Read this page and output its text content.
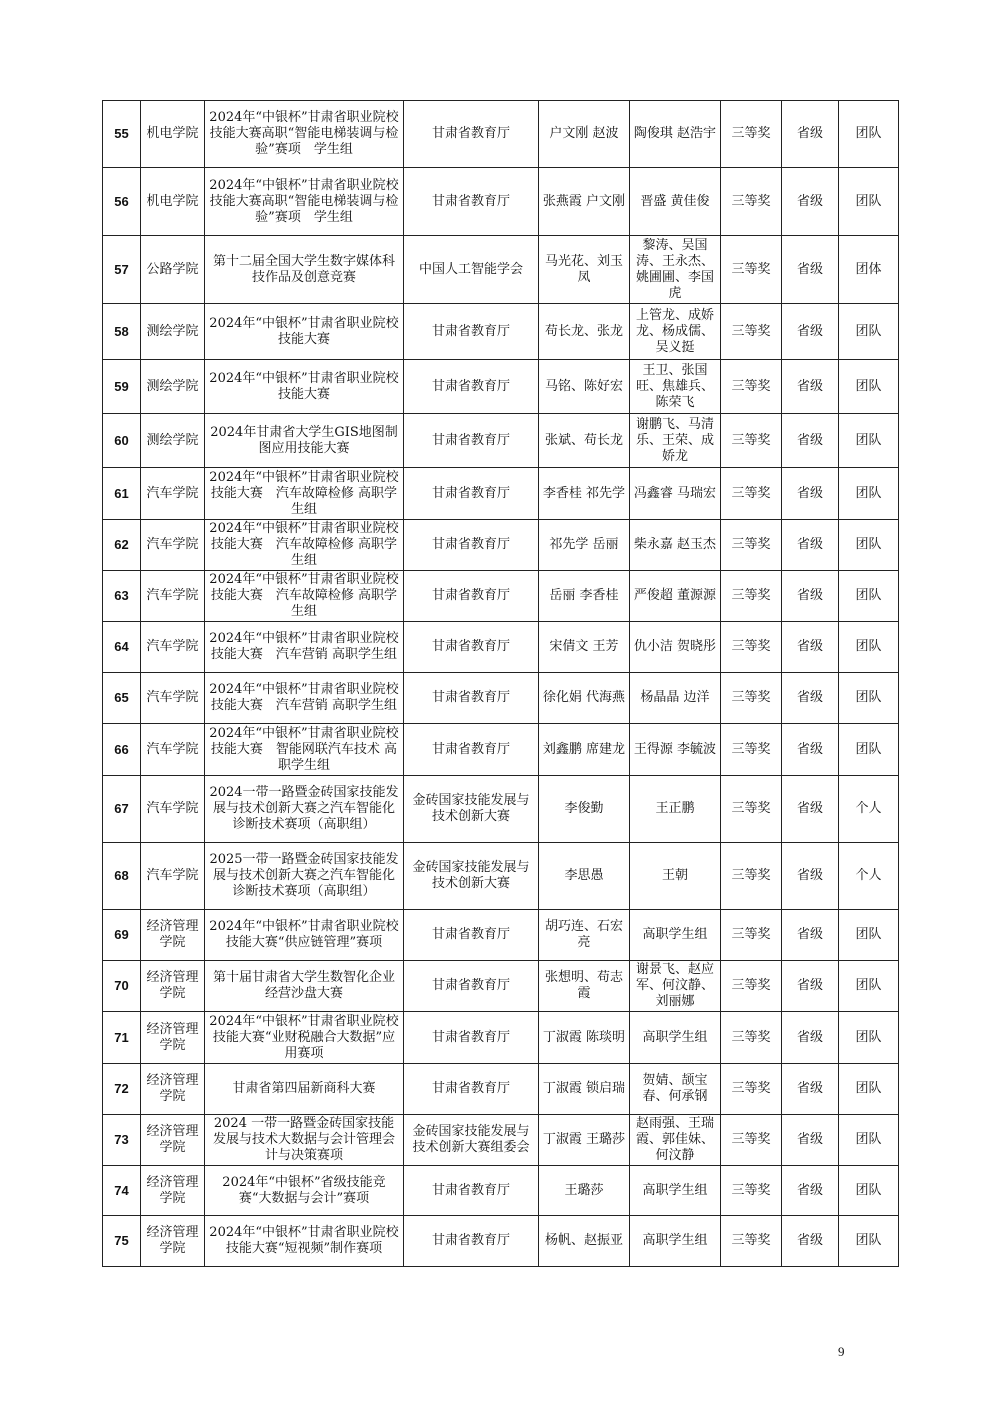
55	机电学院	2024年“中银杯”甘肃省职业院校技能大赛高职“智能电梯装调与检验”赛项　学生组	甘肃省教育厅	户文刚 赵波	陶俊琪 赵浩宇	三等奖	省级	团队
56	机电学院	2024年“中银杯”甘肃省职业院校技能大赛高职“智能电梯装调与检验”赛项　学生组	甘肃省教育厅	张燕霞 户文刚	晋盛 黄佳俊	三等奖	省级	团队
57	公路学院	第十二届全国大学生数字媒体科技作品及创意竞赛	中国人工智能学会	马光花、刘玉凤	黎涛、吴国涛、王永杰、姚圃圃、李国虎	三等奖	省级	团体
58	测绘学院	2024年“中银杯”甘肃省职业院校技能大赛	甘肃省教育厅	苟长龙、张龙	上管龙、成娇龙、杨成儒、吴义挺	三等奖	省级	团队
59	测绘学院	2024年“中银杯”甘肃省职业院校技能大赛	甘肃省教育厅	马铭、陈好宏	王卫、张国旺、焦雄兵、陈荣飞	三等奖	省级	团队
60	测绘学院	2024年甘肃省大学生GIS地图制图应用技能大赛	甘肃省教育厅	张斌、苟长龙	谢鹏飞、马清乐、王荣、成娇龙	三等奖	省级	团队
61	汽车学院	2024年“中银杯”甘肃省职业院校技能大赛　汽车故障检修 高职学生组	甘肃省教育厅	李香桂 祁先学	冯鑫睿 马瑞宏	三等奖	省级	团队
62	汽车学院	2024年“中银杯”甘肃省职业院校技能大赛　汽车故障检修 高职学生组	甘肃省教育厅	祁先学 岳丽	柴永嘉 赵玉杰	三等奖	省级	团队
63	汽车学院	2024年“中银杯”甘肃省职业院校技能大赛　汽车故障检修 高职学生组	甘肃省教育厅	岳丽 李香桂	严俊超 董源源	三等奖	省级	团队
64	汽车学院	2024年“中银杯”甘肃省职业院校技能大赛　汽车营销 高职学生组	甘肃省教育厅	宋倩文 王芳	仇小洁 贺晓彤	三等奖	省级	团队
65	汽车学院	2024年“中银杯”甘肃省职业院校技能大赛　汽车营销 高职学生组	甘肃省教育厅	徐化娟 代海燕	杨晶晶 边洋	三等奖	省级	团队
66	汽车学院	2024年“中银杯”甘肃省职业院校技能大赛　智能网联汽车技术 高职学生组	甘肃省教育厅	刘鑫鹏 席建龙	王得源 李毓波	三等奖	省级	团队
67	汽车学院	2024一带一路暨金砖国家技能发展与技术创新大赛之汽车智能化诊断技术赛项（高职组）	金砖国家技能发展与技术创新大赛	李俊勤	王正鹏	三等奖	省级	个人
68	汽车学院	2025一带一路暨金砖国家技能发展与技术创新大赛之汽车智能化诊断技术赛项（高职组）	金砖国家技能发展与技术创新大赛	李思愚	王朝	三等奖	省级	个人
69	经济管理学院	2024年“中银杯”甘肃省职业院校技能大赛“供应链管理”赛项	甘肃省教育厅	胡巧连、石宏亮	高职学生组	三等奖	省级	团队
70	经济管理学院	第十届甘肃省大学生数智化企业经营沙盘大赛	甘肃省教育厅	张想明、苟志霞	谢景飞、赵应军、何汶静、刘丽娜	三等奖	省级	团队
71	经济管理学院	2024年“中银杯”甘肃省职业院校技能大赛“业财税融合大数据”应用赛项	甘肃省教育厅	丁淑霞 陈琰明	高职学生组	三等奖	省级	团队
72	经济管理学院	甘肃省第四届新商科大赛	甘肃省教育厅	丁淑霞 锁启瑞	贺婧、颉宝春、何承钢	三等奖	省级	团队
73	经济管理学院	2024 一带一路暨金砖国家技能发展与技术大数据与会计管理会计与决策赛项	金砖国家技能发展与技术创新大赛组委会	丁淑霞 王璐莎	赵雨强、王瑞霞、郭佳妹、何汶静	三等奖	省级	团队
74	经济管理学院	2024年“中银杯”省级技能竞赛“大数据与会计”赛项	甘肃省教育厅	王璐莎	高职学生组	三等奖	省级	团队
75	经济管理学院	2024年“中银杯”甘肃省职业院校技能大赛“短视频”制作赛项	甘肃省教育厅	杨帆、赵振亚	高职学生组	三等奖	省级	团队
9
